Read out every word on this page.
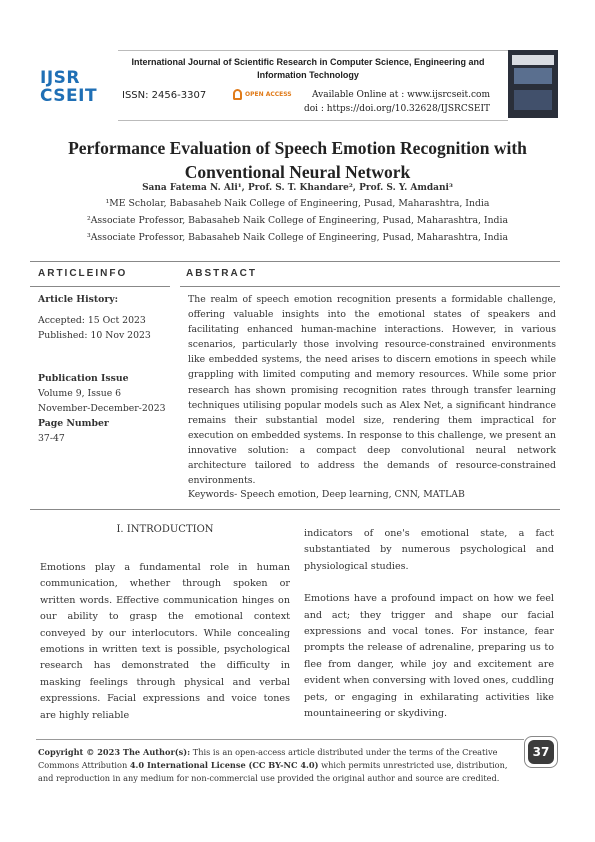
IJSR
CSEIT
International Journal of Scientific Research in Computer Science, Engineering and Information Technology
ISSN: 2456-3307	OPEN ACCESS	Available Online at : www.ijsrcseit.com
doi : https://doi.org/10.32628/IJSRCSEIT
Performance Evaluation of Speech Emotion Recognition with Conventional Neural Network
Sana Fatema N. Ali¹, Prof. S. T. Khandare², Prof. S. Y. Amdani³
¹ME Scholar, Babasaheb Naik College of Engineering, Pusad, Maharashtra, India
²Associate Professor, Babasaheb Naik College of Engineering, Pusad, Maharashtra, India
³Associate Professor, Babasaheb Naik College of Engineering, Pusad, Maharashtra, India
ARTICLEINFO	ABSTRACT
Article History:
Accepted: 15 Oct 2023
Published: 10 Nov 2023
Publication Issue
Volume 9, Issue 6
November-December-2023
Page Number
37-47
The realm of speech emotion recognition presents a formidable challenge, offering valuable insights into the emotional states of speakers and facilitating enhanced human-machine interactions. However, in various scenarios, particularly those involving resource-constrained environments like embedded systems, the need arises to discern emotions in speech while grappling with limited computing and memory resources. While some prior research has shown promising recognition rates through transfer learning techniques utilising popular models such as Alex Net, a significant hindrance remains their substantial model size, rendering them impractical for execution on embedded systems. In response to this challenge, we present an innovative solution: a compact deep convolutional neural network architecture tailored to address the demands of resource-constrained environments.
Keywords- Speech emotion, Deep learning, CNN, MATLAB
I. INTRODUCTION
Emotions play a fundamental role in human communication, whether through spoken or written words. Effective communication hinges on our ability to grasp the emotional context conveyed by our interlocutors. While concealing emotions in written text is possible, psychological research has demonstrated the difficulty in masking feelings through physical and verbal expressions. Facial expressions and voice tones are highly reliable

indicators of one's emotional state, a fact substantiated by numerous psychological and physiological studies.

Emotions have a profound impact on how we feel and act; they trigger and shape our facial expressions and vocal tones. For instance, fear prompts the release of adrenaline, preparing us to flee from danger, while joy and excitement are evident when conversing with loved ones, cuddling pets, or engaging in exhilarating activities like mountaineering or skydiving.

Copyright © 2023 The Author(s): This is an open-access article distributed under the terms of the Creative Commons Attribution 4.0 International License (CC BY-NC 4.0) which permits unrestricted use, distribution, and reproduction in any medium for non-commercial use provided the original author and source are credited.
37
